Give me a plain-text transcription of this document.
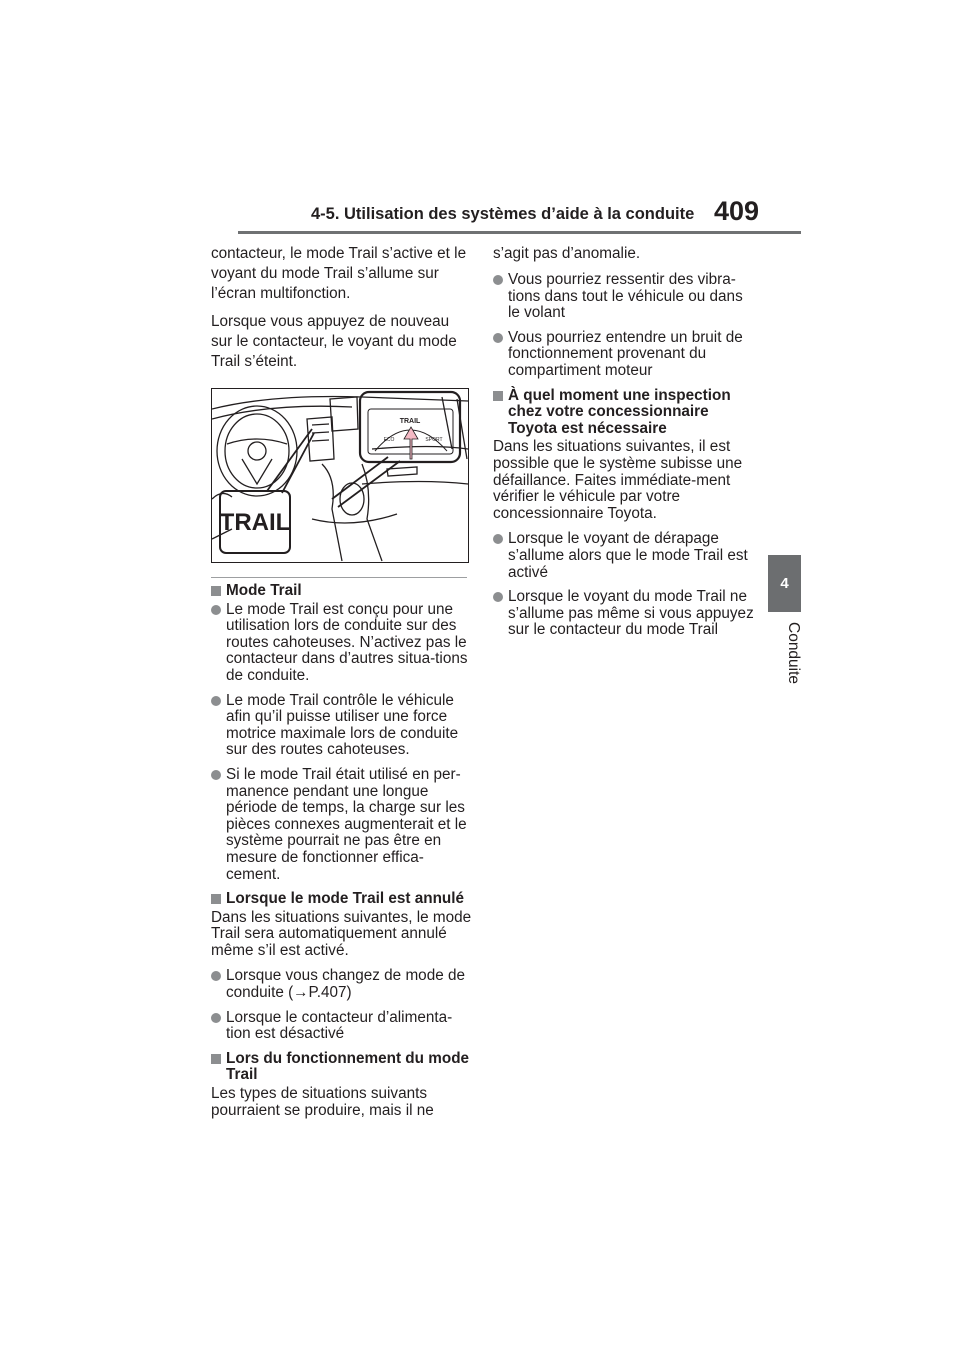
4-5. Utilisation des systèmes d’aide à la conduite 409
4
Conduite

contacteur, le mode Trail s’active et le voyant du mode Trail s’allume sur l’écran multifonction.

Lorsque vous appuyez de nouveau sur le contacteur, le voyant du mode Trail s’éteint.

TRAIL
ECO	SPORT
TRAIL
Mode Trail
Le mode Trail est conçu pour une utilisation lors de conduite sur des routes cahoteuses. N’activez pas le contacteur dans d’autres situa-tions de conduite.
Le mode Trail contrôle le véhicule afin qu’il puisse utiliser une force motrice maximale lors de conduite sur des routes cahoteuses.
Si le mode Trail était utilisé en per-manence pendant une longue période de temps, la charge sur les pièces connexes augmenterait et le système pourrait ne pas être en mesure de fonctionner effica-cement.
Lorsque le mode Trail est annulé

Dans les situations suivantes, le mode Trail sera automatiquement annulé même s’il est activé.

Lorsque vous changez de mode de conduite (→P.407)
Lorsque le contacteur d’alimenta-tion est désactivé
Lors du fonctionnement du mode Trail

Les types de situations suivants pourraient se produire, mais il ne

s’agit pas d’anomalie.

Vous pourriez ressentir des vibra-tions dans tout le véhicule ou dans le volant
Vous pourriez entendre un bruit de fonctionnement provenant du compartiment moteur
À quel moment une inspection chez votre concessionnaire Toyota est nécessaire

Dans les situations suivantes, il est possible que le système subisse une défaillance. Faites immédiate-ment vérifier le véhicule par votre concessionnaire Toyota.

Lorsque le voyant de dérapage s’allume alors que le mode Trail est activé
Lorsque le voyant du mode Trail ne s’allume pas même si vous appuyez sur le contacteur du mode Trail
